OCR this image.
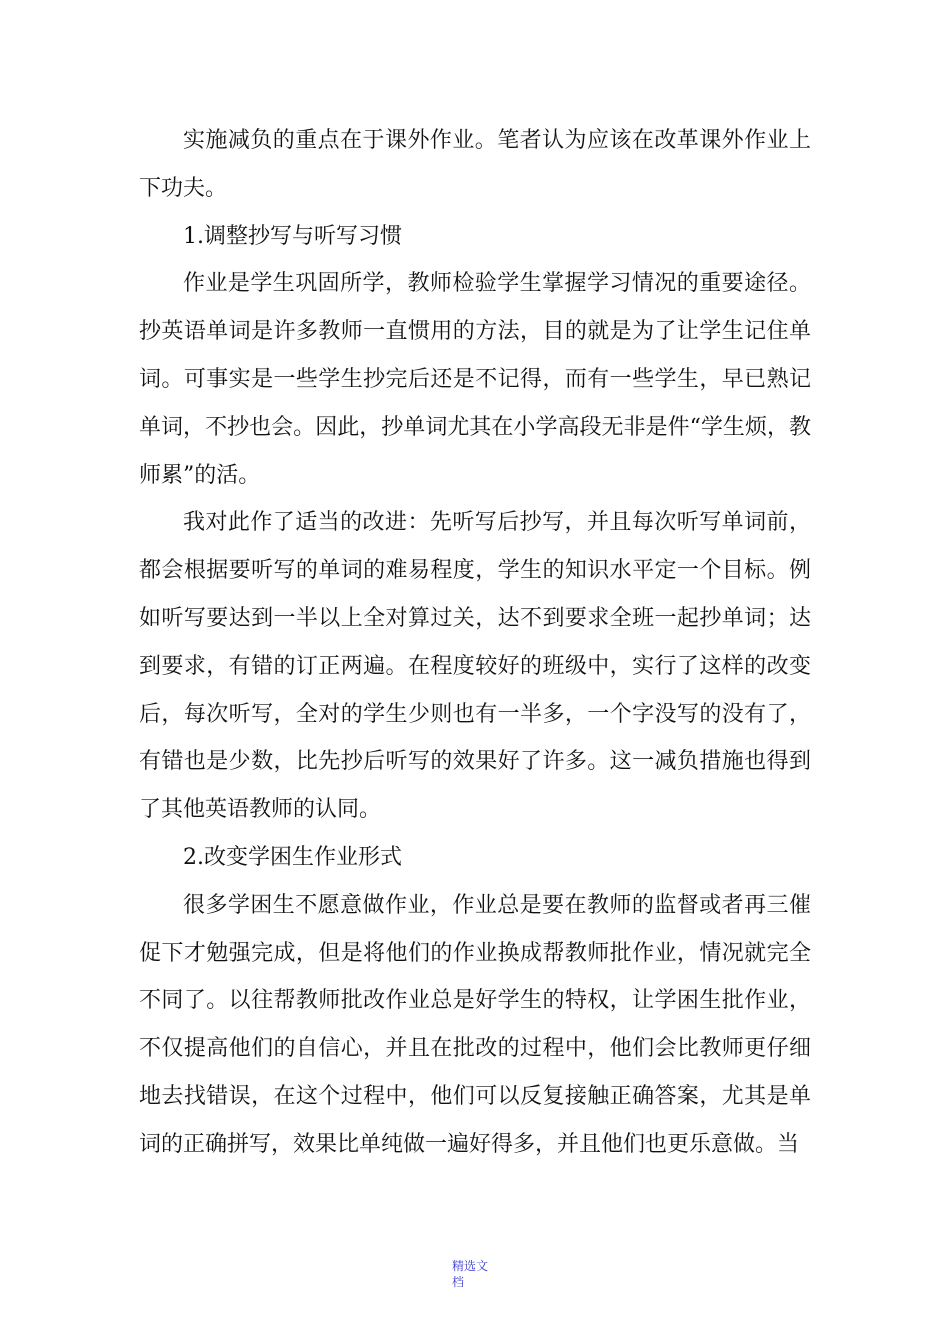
实施减负的重点在于课外作业。笔者认为应该在改革课外作业上下功夫。

1.调整抄写与听写习惯

作业是学生巩固所学，教师检验学生掌握学习情况的重要途径。抄英语单词是许多教师一直惯用的方法，目的就是为了让学生记住单词。可事实是一些学生抄完后还是不记得，而有一些学生，早已熟记单词，不抄也会。因此，抄单词尤其在小学高段无非是件“学生烦，教师累”的活。

我对此作了适当的改进：先听写后抄写，并且每次听写单词前，都会根据要听写的单词的难易程度，学生的知识水平定一个目标。例如听写要达到一半以上全对算过关，达不到要求全班一起抄单词；达到要求，有错的订正两遍。在程度较好的班级中，实行了这样的改变后，每次听写，全对的学生少则也有一半多，一个字没写的没有了，有错也是少数，比先抄后听写的效果好了许多。这一减负措施也得到了其他英语教师的认同。

2.改变学困生作业形式

很多学困生不愿意做作业，作业总是要在教师的监督或者再三催促下才勉强完成，但是将他们的作业换成帮教师批作业，情况就完全不同了。以往帮教师批改作业总是好学生的特权，让学困生批作业，不仅提高他们的自信心，并且在批改的过程中，他们会比教师更仔细地去找错误，在这个过程中，他们可以反复接触正确答案，尤其是单词的正确拼写，效果比单纯做一遍好得多，并且他们也更乐意做。当

精选文档
